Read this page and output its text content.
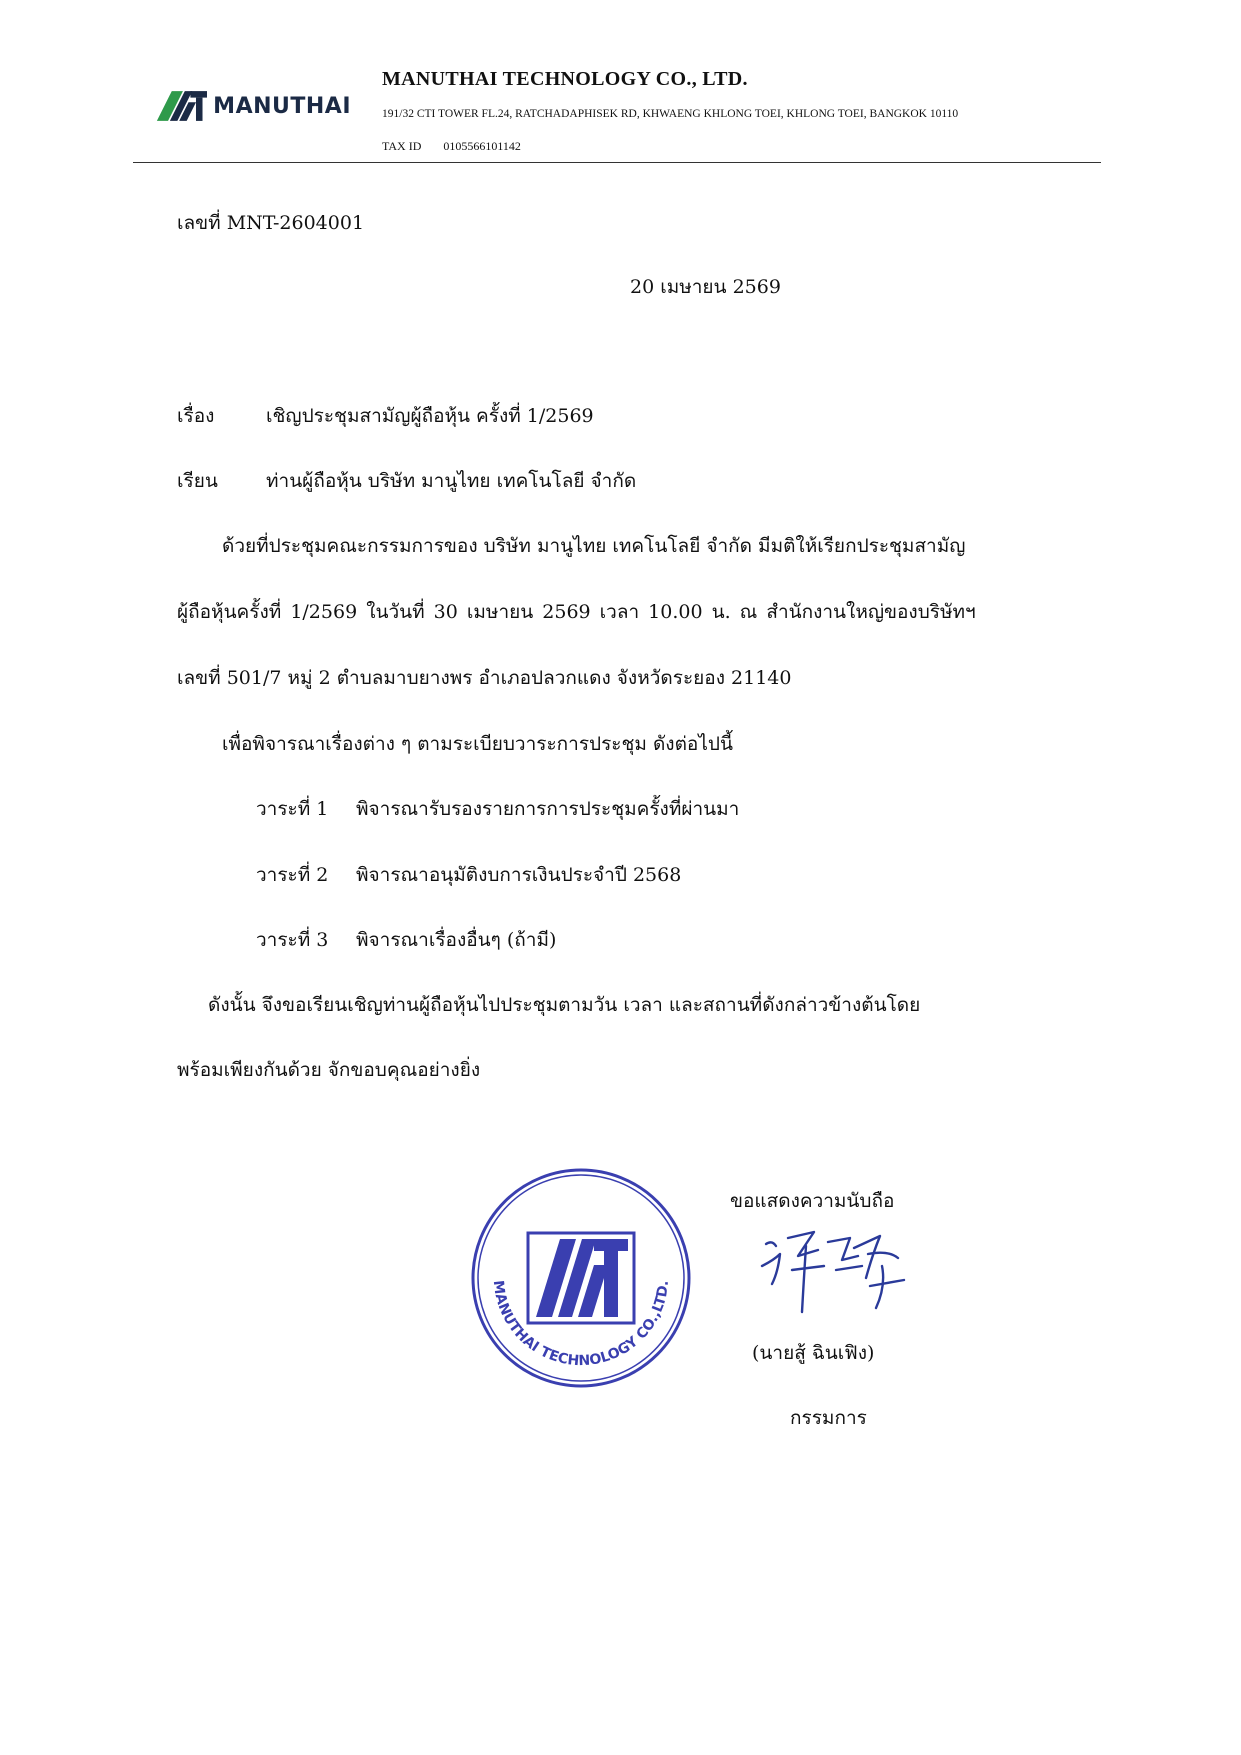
MANUTHAI
MANUTHAI TECHNOLOGY CO., LTD.
191/32 CTI TOWER FL.24, RATCHADAPHISEK RD, KHWAENG KHLONG TOEI, KHLONG TOEI, BANGKOK 10110
TAX ID 0105566101142
เลขที่ MNT-2604001
20 เมษายน 2569
เรื่อง	เชิญประชุมสามัญผู้ถือหุ้น ครั้งที่ 1/2569
เรียน	ท่านผู้ถือหุ้น บริษัท มานูไทย เทคโนโลยี จำกัด
ด้วยที่ประชุมคณะกรรมการของ บริษัท มานูไทย เทคโนโลยี จำกัด มีมติให้เรียกประชุมสามัญ
ผู้ถือหุ้นครั้งที่ 1/2569 ในวันที่ 30 เมษายน 2569 เวลา 10.00 น. ณ สำนักงานใหญ่ของบริษัทฯ
เลขที่ 501/7 หมู่ 2 ตำบลมาบยางพร อำเภอปลวกแดง จังหวัดระยอง 21140
เพื่อพิจารณาเรื่องต่าง ๆ ตามระเบียบวาระการประชุม ดังต่อไปนี้
วาระที่ 1 พิจารณารับรองรายการการประชุมครั้งที่ผ่านมา
วาระที่ 2 พิจารณาอนุมัติงบการเงินประจำปี 2568
วาระที่ 3 พิจารณาเรื่องอื่นๆ (ถ้ามี)
ดังนั้น จึงขอเรียนเชิญท่านผู้ถือหุ้นไปประชุมตามวัน เวลา และสถานที่ดังกล่าวข้างต้นโดย
พร้อมเพียงกันด้วย จักขอบคุณอย่างยิ่ง
MANUTHAI TECHNOLOGY CO.,LTD.
ขอแสดงความนับถือ
(นายสู้ ฉินเฟิง)
กรรมการ
